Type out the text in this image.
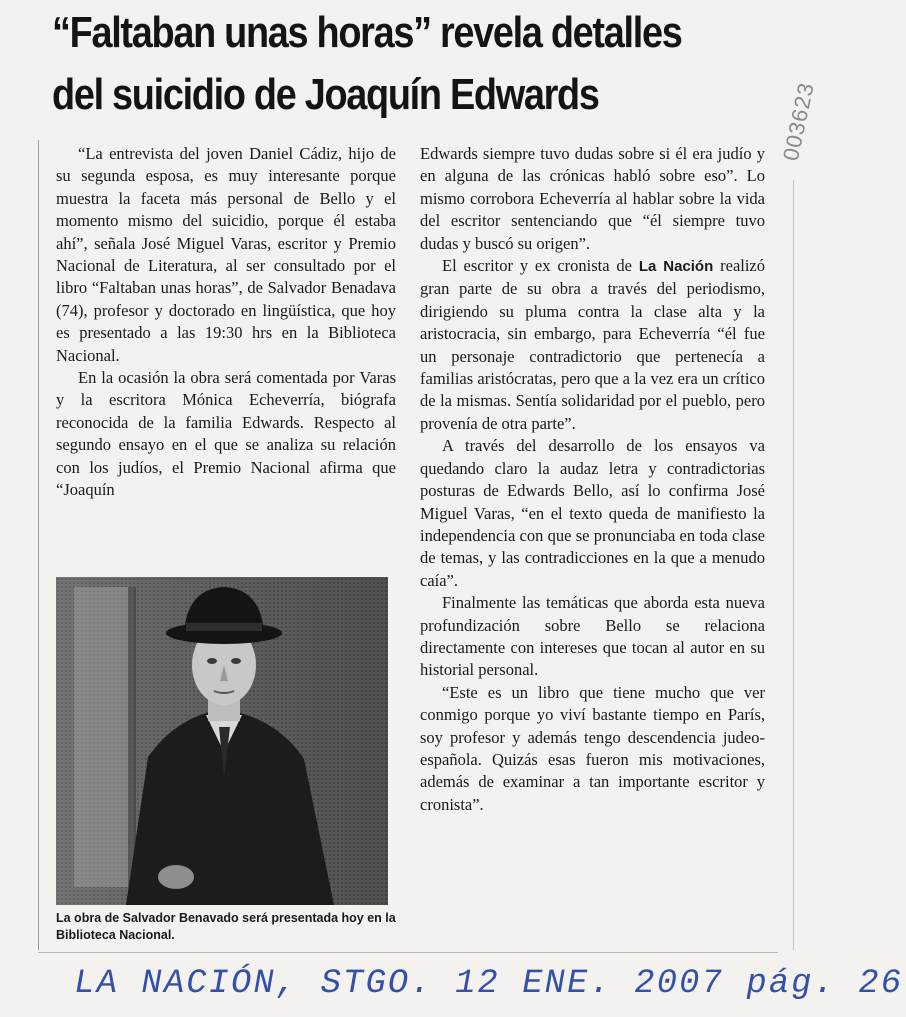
“Faltaban unas horas” revela detalles
del suicidio de Joaquín Edwards	003623

“La entrevista del joven Daniel Cádiz, hijo de su segunda esposa, es muy interesante porque muestra la faceta más personal de Bello y el momento mismo del suicidio, porque él estaba ahí”, señala José Miguel Varas, escritor y Premio Nacional de Literatura, al ser consultado por el libro “Faltaban unas horas”, de Salvador Benadava (74), profesor y doctorado en lingüística, que hoy es presentado a las 19:30 hrs en la Biblioteca Nacional.

En la ocasión la obra será comentada por Varas y la escritora Mónica Echeverría, biógrafa reconocida de la familia Edwards. Respecto al segundo ensayo en el que se analiza su relación con los judíos, el Premio Nacional afirma que “Joaquín

La obra de Salvador Benavado será presentada hoy en la Biblioteca Nacional.

Edwards siempre tuvo dudas sobre si él era judío y en alguna de las crónicas habló sobre eso”. Lo mismo corrobora Echeverría al hablar sobre la vida del escritor sentenciando que “él siempre tuvo dudas y buscó su origen”.

El escritor y ex cronista de La Nación realizó gran parte de su obra a través del periodismo, dirigiendo su pluma contra la clase alta y la aristocracia, sin embargo, para Echeverría “él fue un personaje contradictorio que pertenecía a familias aristócratas, pero que a la vez era un crítico de la mismas. Sentía solidaridad por el pueblo, pero provenía de otra parte”.

A través del desarrollo de los ensayos va quedando claro la audaz letra y contradictorias posturas de Edwards Bello, así lo confirma José Miguel Varas, “en el texto queda de manifiesto la independencia con que se pronunciaba en toda clase de temas, y las contradicciones en la que a menudo caía”.

Finalmente las temáticas que aborda esta nueva profundización sobre Bello se relaciona directamente con intereses que tocan al autor en su historial personal.

“Este es un libro que tiene mucho que ver conmigo porque yo viví bastante tiempo en París, soy profesor y además tengo descendencia judeo-española. Quizás esas fueron mis motivaciones, además de examinar a tan importante escritor y cronista”.

LA NACIÓN, STGO. 12 ENE. 2007 pág. 26
